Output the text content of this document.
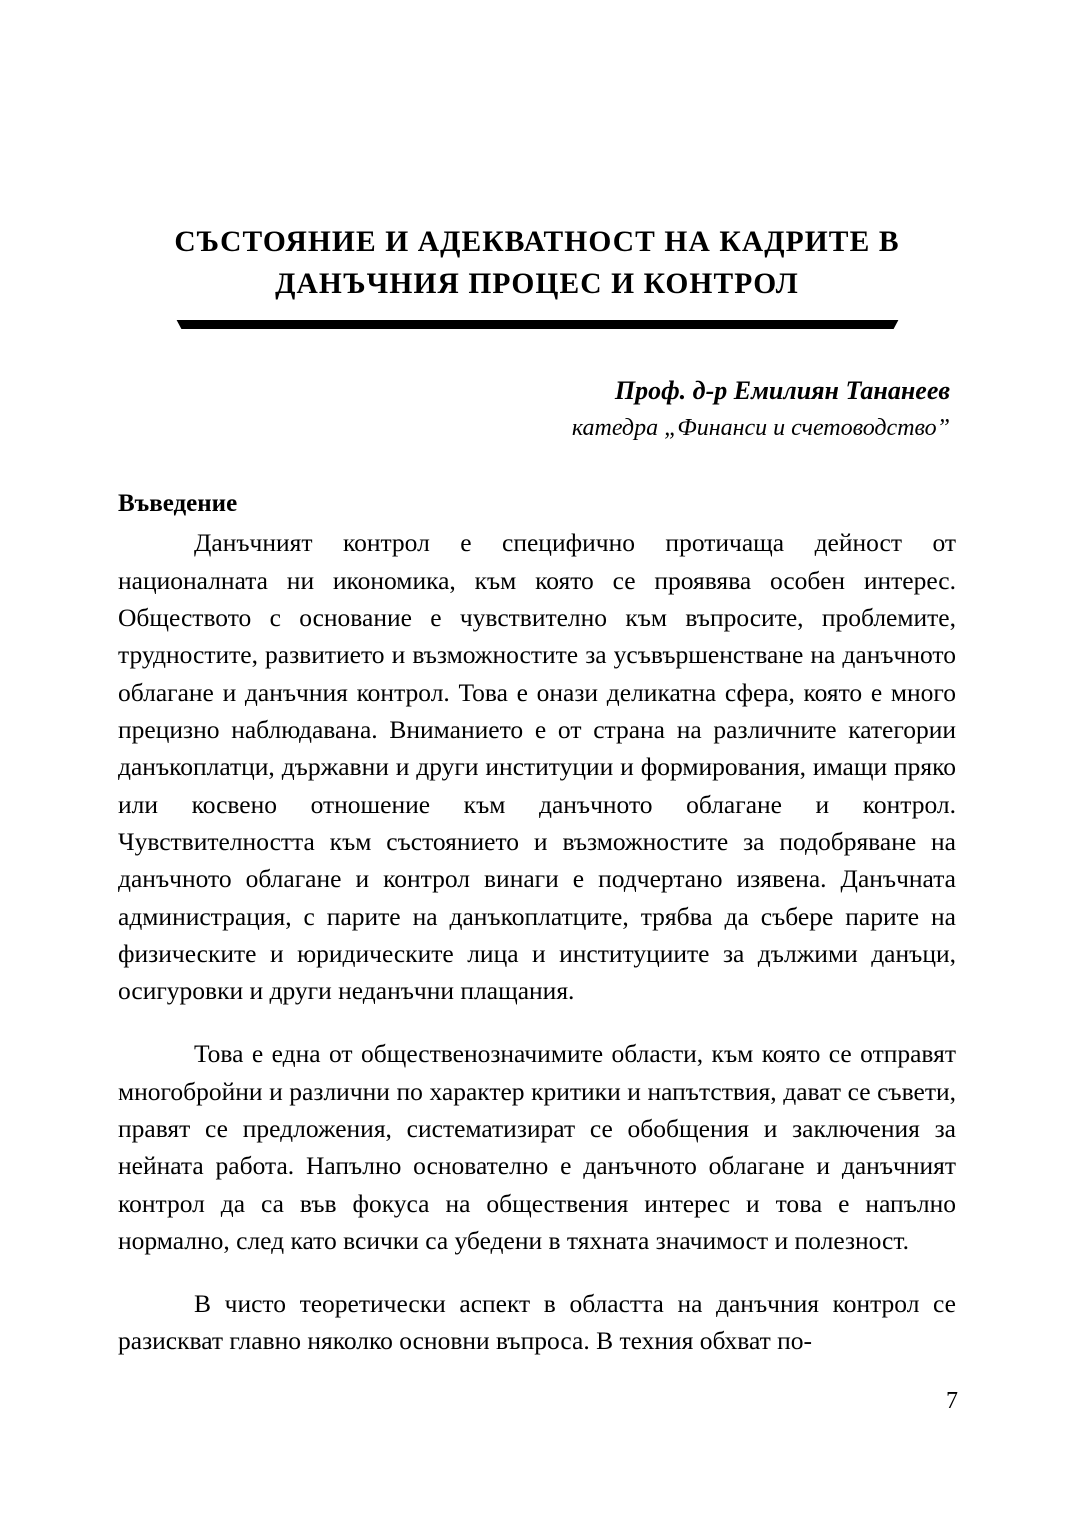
СЪСТОЯНИЕ И АДЕКВАТНОСТ НА КАДРИТЕ В
ДАНЪЧНИЯ ПРОЦЕС И КОНТРОЛ
Проф. д-р Емилиян Тананеев
катедра „Финанси и счетоводство”
Въведение

Данъчният контрол е специфично протичаща дейност от националната ни икономика, към която се проявява особен интерес. Обществото с основание е чувствително към въпросите, проблемите, трудностите, развитието и възможностите за усъвършенстване на данъчното облагане и данъчния контрол. Това е онази деликатна сфера, която е много прецизно наблюдавана. Вниманието е от страна на различните категории данъкоплатци, държавни и други институции и формирования, имащи пряко или косвено отношение към данъчното облагане и контрол. Чувствителността към състоянието и възможностите за подобряване на данъчното облагане и контрол винаги е подчертано изявена. Данъчната администрация, с парите на данъкоплатците, трябва да събере парите на физическите и юридическите лица и институциите за дължими данъци, осигуровки и други неданъчни плащания.

Това е една от общественозначимите области, към която се отправят многобройни и различни по характер критики и напътствия, дават се съвети, правят се предложения, систематизират се обобщения и заключения за нейната работа. Напълно основателно е данъчното облагане и данъчният контрол да са във фокуса на обществения интерес и това е напълно нормално, след като всички са убедени в тяхната значимост и полезност.

В чисто теоретически аспект в областта на данъчния контрол се разискват главно няколко основни въпроса. В техния обхват по-

7
